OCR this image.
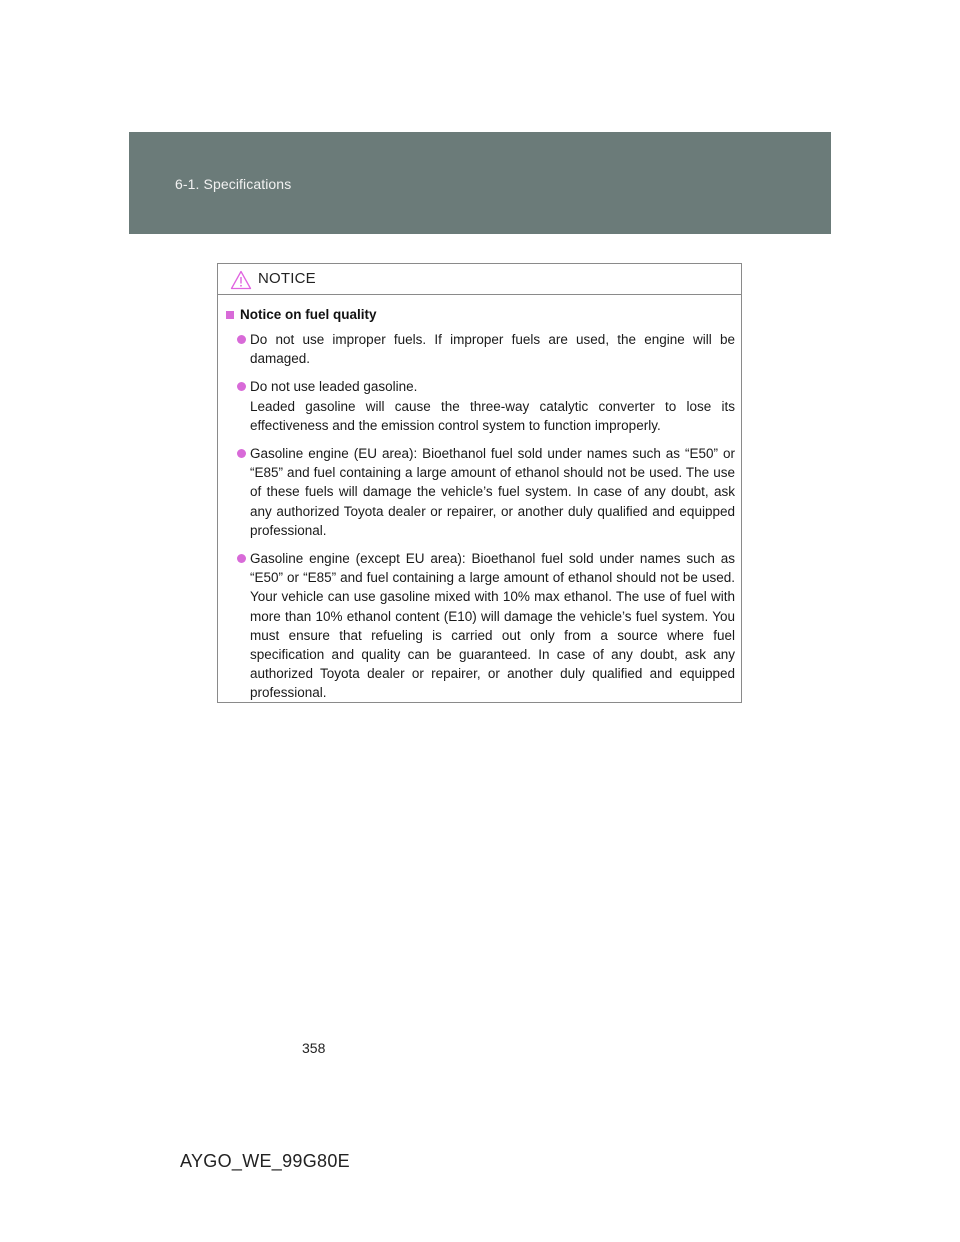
6-1. Specifications
NOTICE
Notice on fuel quality
Do not use improper fuels. If improper fuels are used, the engine will be damaged.
Do not use leaded gasoline.
Leaded gasoline will cause the three-way catalytic converter to lose its effectiveness and the emission control system to function improperly.
Gasoline engine (EU area): Bioethanol fuel sold under names such as “E50” or “E85” and fuel containing a large amount of ethanol should not be used. The use of these fuels will damage the vehicle’s fuel system. In case of any doubt, ask any authorized Toyota dealer or repairer, or another duly qualified and equipped professional.
Gasoline engine (except EU area): Bioethanol fuel sold under names such as “E50” or “E85” and fuel containing a large amount of ethanol should not be used. Your vehicle can use gasoline mixed with 10% max ethanol. The use of fuel with more than 10% ethanol content (E10) will damage the vehicle’s fuel system. You must ensure that refueling is carried out only from a source where fuel specification and quality can be guaranteed. In case of any doubt, ask any authorized Toyota dealer or repairer, or another duly qualified and equipped professional.
358
AYGO_WE_99G80E
